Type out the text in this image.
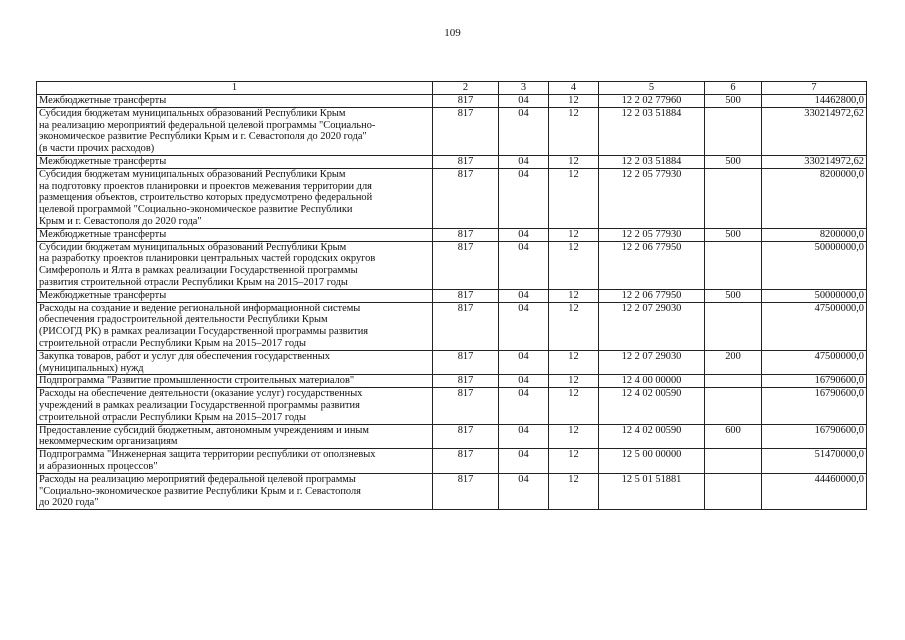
109
1	2	3	4	5	6	7
Межбюджетные трансферты	817	04	12	12 2 02 77960	500	14462800,0
Субсидия бюджетам муниципальных образований Республики Крым
на реализацию мероприятий федеральной целевой программы "Социально-
экономическое развитие Республики Крым и г. Севастополя до 2020 года"
(в части прочих расходов)	817	04	12	12 2 03 51884		330214972,62
Межбюджетные трансферты	817	04	12	12 2 03 51884	500	330214972,62
Субсидия бюджетам муниципальных образований Республики Крым
на подготовку проектов планировки и проектов межевания территории для
размещения объектов, строительство которых предусмотрено федеральной
целевой программой "Социально-экономическое развитие Республики
Крым и г. Севастополя до 2020 года"	817	04	12	12 2 05 77930		8200000,0
Межбюджетные трансферты	817	04	12	12 2 05 77930	500	8200000,0
Субсидии бюджетам муниципальных образований Республики Крым
на разработку проектов планировки центральных частей городских округов
Симферополь и Ялта в рамках реализации Государственной программы
развития строительной отрасли Республики Крым на 2015–2017 годы	817	04	12	12 2 06 77950		50000000,0
Межбюджетные трансферты	817	04	12	12 2 06 77950	500	50000000,0
Расходы на создание и ведение региональной информационной системы
обеспечения градостроительной деятельности Республики Крым
(РИСОГД РК) в рамках реализации Государственной программы развития
строительной отрасли Республики Крым на 2015–2017 годы	817	04	12	12 2 07 29030		47500000,0
Закупка товаров, работ и услуг для обеспечения государственных
(муниципальных) нужд	817	04	12	12 2 07 29030	200	47500000,0
Подпрограмма "Развитие промышленности строительных материалов"	817	04	12	12 4 00 00000		16790600,0
Расходы на обеспечение деятельности (оказание услуг) государственных
учреждений в рамках реализации Государственной программы развития
строительной отрасли Республики Крым на 2015–2017 годы	817	04	12	12 4 02 00590		16790600,0
Предоставление субсидий бюджетным, автономным учреждениям и иным
некоммерческим организациям	817	04	12	12 4 02 00590	600	16790600,0
Подпрограмма "Инженерная защита территории республики от оползневых
и абразионных процессов"	817	04	12	12 5 00 00000		51470000,0
Расходы на реализацию мероприятий федеральной целевой программы
"Социально-экономическое развитие Республики Крым и г. Севастополя
до 2020 года"	817	04	12	12 5 01 51881		44460000,0
